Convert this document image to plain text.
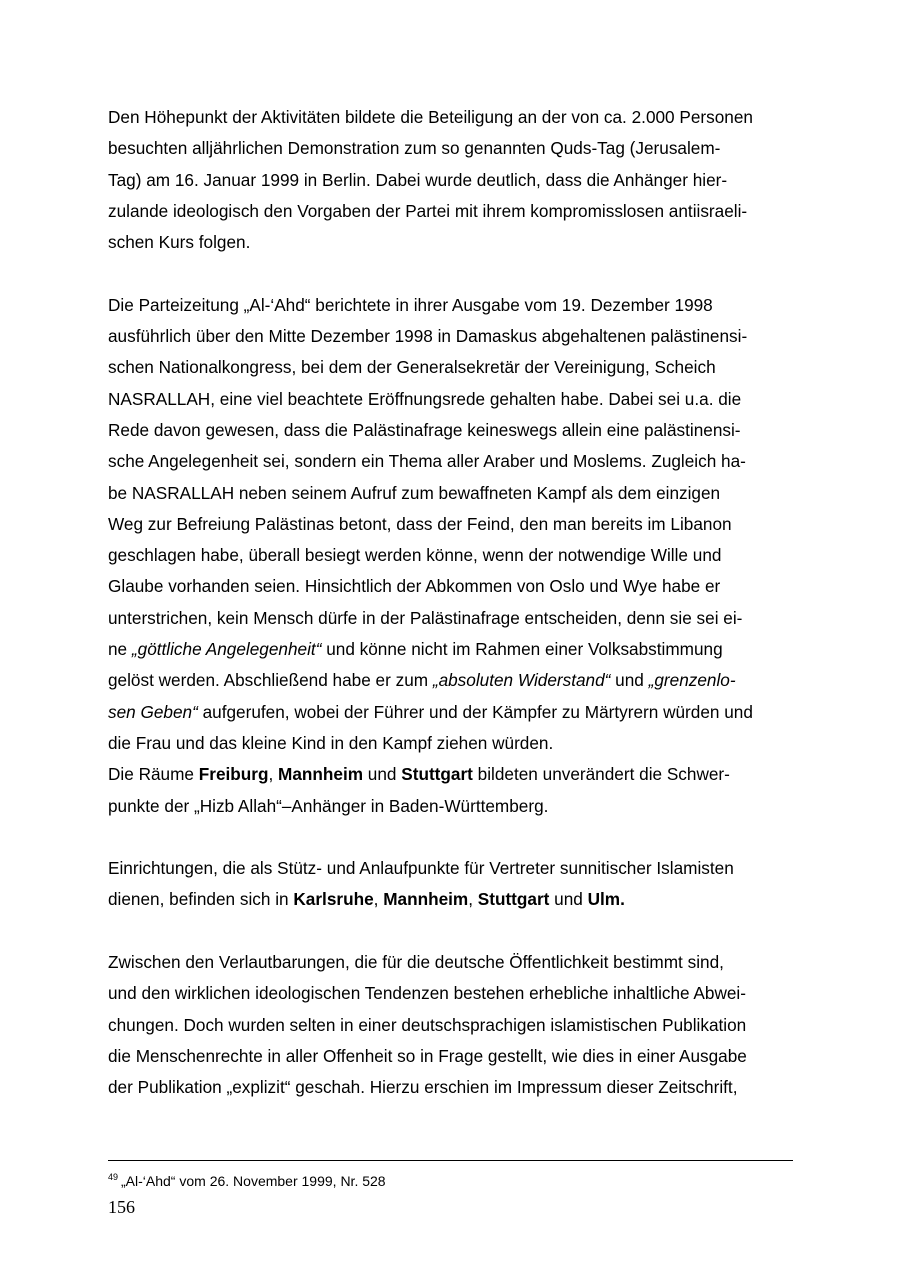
Den Höhepunkt der Aktivitäten bildete die Beteiligung an der von ca. 2.000 Personen
besuchten alljährlichen Demonstration zum so genannten Quds-Tag (Jerusalem-
Tag) am 16. Januar 1999 in Berlin. Dabei wurde deutlich, dass die Anhänger hier-
zulande ideologisch den Vorgaben der Partei mit ihrem kompromisslosen antiisraeli-
schen Kurs folgen.
Die Parteizeitung „Al-‘Ahd“ berichtete in ihrer Ausgabe vom 19. Dezember 1998
ausführlich über den Mitte Dezember 1998 in Damaskus abgehaltenen palästinensi-
schen Nationalkongress, bei dem der Generalsekretär der Vereinigung, Scheich
NASRALLAH, eine viel beachtete Eröffnungsrede gehalten habe. Dabei sei u.a. die
Rede davon gewesen, dass die Palästinafrage keineswegs allein eine palästinensi-
sche Angelegenheit sei, sondern ein Thema aller Araber und Moslems. Zugleich ha-
be NASRALLAH neben seinem Aufruf zum bewaffneten Kampf als dem einzigen
Weg zur Befreiung Palästinas betont, dass der Feind, den man bereits im Libanon
geschlagen habe, überall besiegt werden könne, wenn der notwendige Wille und
Glaube vorhanden seien. Hinsichtlich der Abkommen von Oslo und Wye habe er
unterstrichen, kein Mensch dürfe in der Palästinafrage entscheiden, denn sie sei ei-
ne „göttliche Angelegenheit“ und könne nicht im Rahmen einer Volksabstimmung
gelöst werden. Abschließend habe er zum „absoluten Widerstand“ und „grenzenlo-
sen Geben“ aufgerufen, wobei der Führer und der Kämpfer zu Märtyrern würden und
die Frau und das kleine Kind in den Kampf ziehen würden.
Die Räume Freiburg, Mannheim und Stuttgart bildeten unverändert die Schwer-
punkte der „Hizb Allah“–Anhänger in Baden-Württemberg.
Einrichtungen, die als Stütz- und Anlaufpunkte für Vertreter sunnitischer Islamisten
dienen, befinden sich in Karlsruhe, Mannheim, Stuttgart und Ulm.
Zwischen den Verlautbarungen, die für die deutsche Öffentlichkeit bestimmt sind,
und den wirklichen ideologischen Tendenzen bestehen erhebliche inhaltliche Abwei-
chungen. Doch wurden selten in einer deutschsprachigen islamistischen Publikation
die Menschenrechte in aller Offenheit so in Frage gestellt, wie dies in einer Ausgabe
der Publikation „explizit“ geschah. Hierzu erschien im Impressum dieser Zeitschrift,
$^{49}$ „Al-‘Ahd“ vom 26. November 1999, Nr. 528
156
